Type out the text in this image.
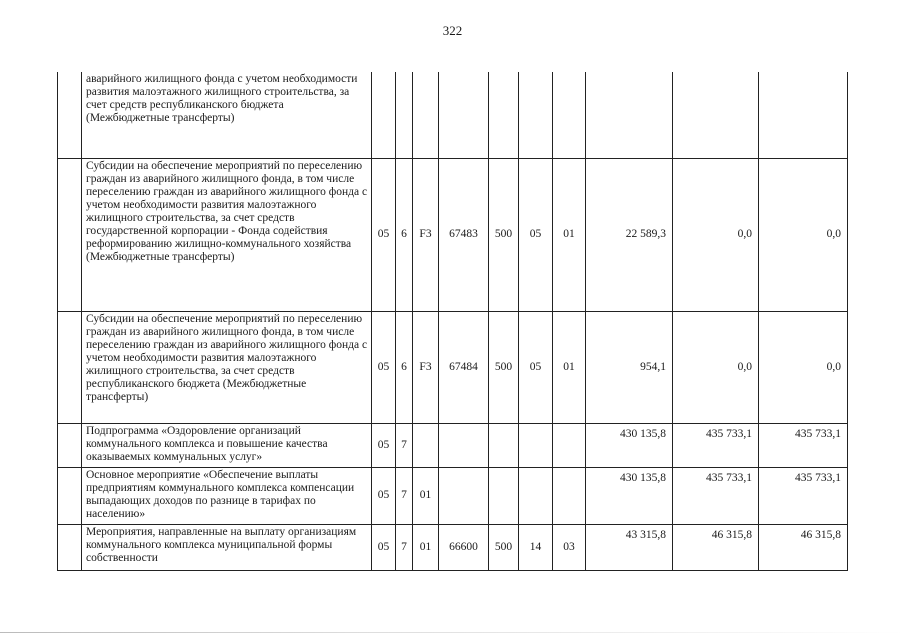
322
	аварийного жилищного фонда с учетом необходимости развития малоэтажного жилищного строительства, за счет средств республиканского бюджета (Межбюджетные трансферты)										
	Субсидии на обеспечение мероприятий по переселению граждан из аварийного жилищного фонда, в том числе переселению граждан из аварийного жилищного фонда с учетом необходимости развития малоэтажного жилищного строительства, за счет средств государственной корпорации - Фонда содействия реформированию жилищно-коммунального хозяйства (Межбюджетные трансферты)	05	6	F3	67483	500	05	01	22 589,3	0,0	0,0
	Субсидии на обеспечение мероприятий по переселению граждан из аварийного жилищного фонда, в том числе переселению граждан из аварийного жилищного фонда с учетом необходимости развития малоэтажного жилищного строительства, за счет средств республиканского бюджета (Межбюджетные трансферты)	05	6	F3	67484	500	05	01	954,1	0,0	0,0
	Подпрограмма «Оздоровление организаций коммунального комплекса и повышение качества оказываемых коммунальных услуг»	05	7						430 135,8	435 733,1	435 733,1
	Основное мероприятие «Обеспечение выплаты предприятиям коммунального комплекса компенсации выпадающих доходов по разнице в тарифах по населению»	05	7	01					430 135,8	435 733,1	435 733,1
	Мероприятия, направленные на выплату организациям коммунального комплекса муниципальной формы собственности	05	7	01	66600	500	14	03	43 315,8	46 315,8	46 315,8
